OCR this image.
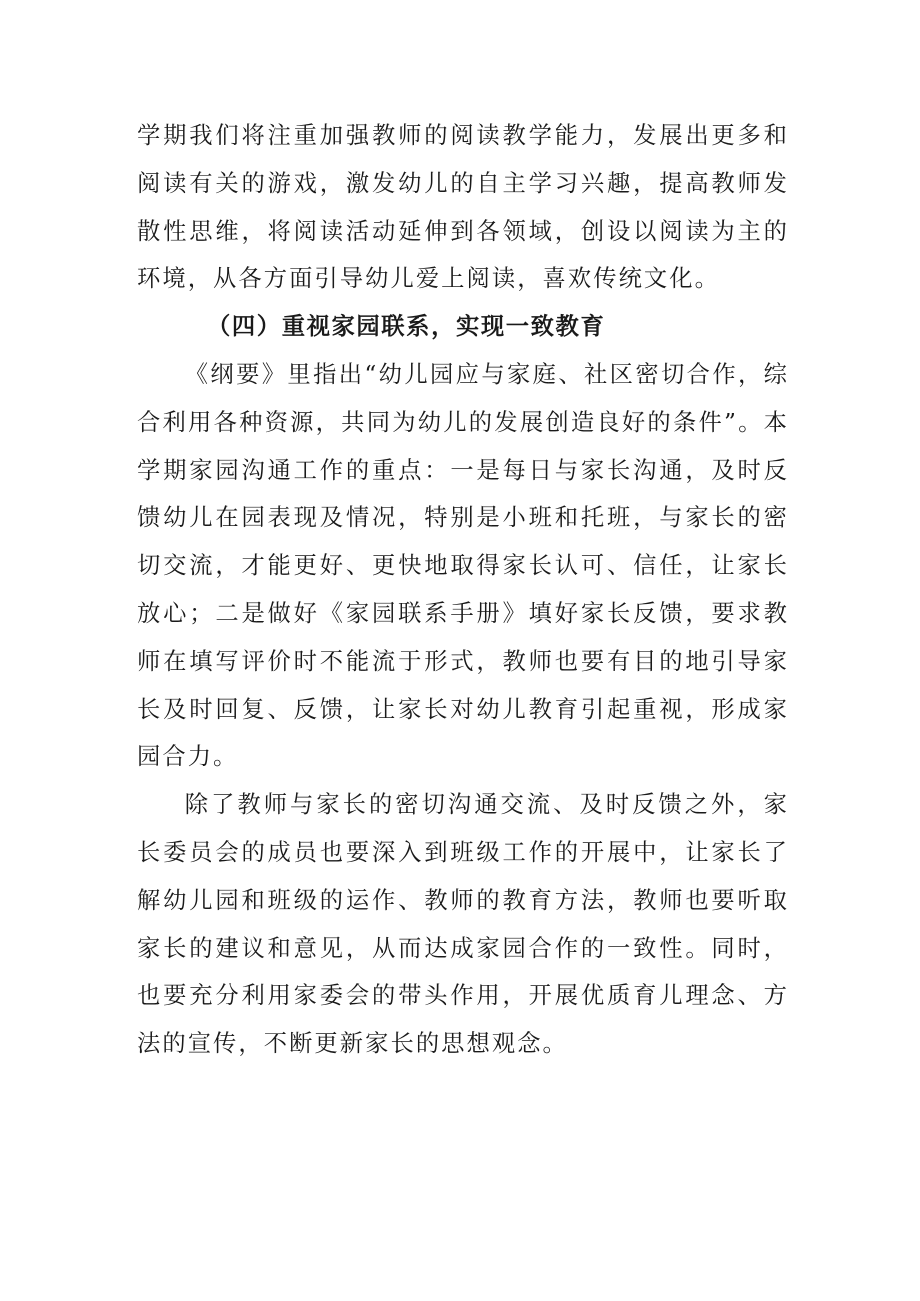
学期我们将注重加强教师的阅读教学能力，发展出更多和阅读有关的游戏，激发幼儿的自主学习兴趣，提高教师发散性思维，将阅读活动延伸到各领域，创设以阅读为主的环境，从各方面引导幼儿爱上阅读，喜欢传统文化。

（四）重视家园联系，实现一致教育

《纲要》里指出“幼儿园应与家庭、社区密切合作，综合利用各种资源，共同为幼儿的发展创造良好的条件”。本学期家园沟通工作的重点：一是每日与家长沟通，及时反馈幼儿在园表现及情况，特别是小班和托班，与家长的密切交流，才能更好、更快地取得家长认可、信任，让家长放心；二是做好《家园联系手册》填好家长反馈，要求教师在填写评价时不能流于形式，教师也要有目的地引导家长及时回复、反馈，让家长对幼儿教育引起重视，形成家园合力。

除了教师与家长的密切沟通交流、及时反馈之外，家长委员会的成员也要深入到班级工作的开展中，让家长了解幼儿园和班级的运作、教师的教育方法，教师也要听取家长的建议和意见，从而达成家园合作的一致性。同时，也要充分利用家委会的带头作用，开展优质育儿理念、方法的宣传，不断更新家长的思想观念。
